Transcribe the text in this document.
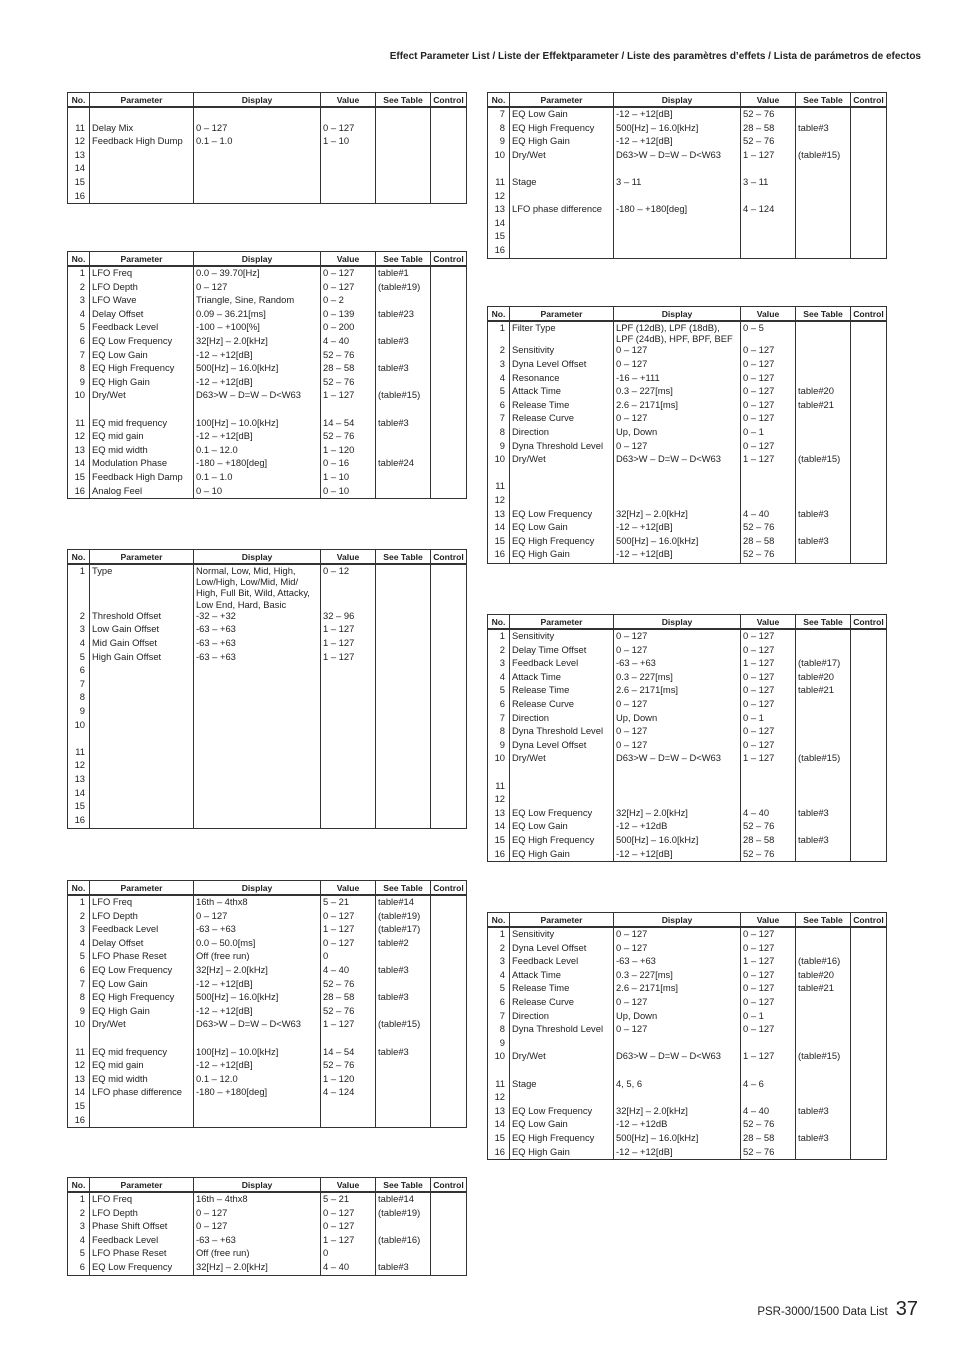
Effect Parameter List / Liste der Effektparameter / Liste des paramètres d’effets / Lista de parámetros de efectos
No.	Parameter	Display	Value	See Table	Control

11	Delay Mix	0 – 127	0 – 127		
12	Feedback High Dump	0.1 – 1.0	1 – 10		
13					
14					
15					
16					

No.	Parameter	Display	Value	See Table	Control
1	LFO Freq	0.0 – 39.70[Hz]	0 – 127	table#1	
2	LFO Depth	0 – 127	0 – 127	(table#19)	
3	LFO Wave	Triangle, Sine, Random	0 – 2		
4	Delay Offset	0.09 – 36.21[ms]	0 – 139	table#23	
5	Feedback Level	-100 – +100[%]	0 – 200		
6	EQ Low Frequency	32[Hz] – 2.0[kHz]	4 – 40	table#3	
7	EQ Low Gain	-12 – +12[dB]	52 – 76		
8	EQ High Frequency	500[Hz] – 16.0[kHz]	28 – 58	table#3	
9	EQ High Gain	-12 – +12[dB]	52 – 76		
10	Dry/Wet	D63>W – D=W – D<W63	1 – 127	(table#15)	

11	EQ mid frequency	100[Hz] – 10.0[kHz]	14 – 54	table#3	
12	EQ mid gain	-12 – +12[dB]	52 – 76		
13	EQ mid width	0.1 – 12.0	1 – 120		
14	Modulation Phase	-180 – +180[deg]	0 – 16	table#24	
15	Feedback High Damp	0.1 – 1.0	1 – 10		
16	Analog Feel	0 – 10	0 – 10		

No.	Parameter	Display	Value	See Table	Control
1	Type	Normal, Low, Mid, High, Low/High, Low/Mid, Mid/ High, Full Bit, Wild, Attacky, Low End, Hard, Basic	0 – 12		
2	Threshold Offset	-32 – +32	32 – 96		
3	Low Gain Offset	-63 – +63	1 – 127		
4	Mid Gain Offset	-63 – +63	1 – 127		
5	High Gain Offset	-63 – +63	1 – 127		
6					
7					
8					
9					
10					

11					
12					
13					
14					
15					
16					

No.	Parameter	Display	Value	See Table	Control
1	LFO Freq	16th – 4thx8	5 – 21	table#14	
2	LFO Depth	0 – 127	0 – 127	(table#19)	
3	Feedback Level	-63 – +63	1 – 127	(table#17)	
4	Delay Offset	0.0 – 50.0[ms]	0 – 127	table#2	
5	LFO Phase Reset	Off (free run)	0		
6	EQ Low Frequency	32[Hz] – 2.0[kHz]	4 – 40	table#3	
7	EQ Low Gain	-12 – +12[dB]	52 – 76		
8	EQ High Frequency	500[Hz] – 16.0[kHz]	28 – 58	table#3	
9	EQ High Gain	-12 – +12[dB]	52 – 76		
10	Dry/Wet	D63>W – D=W – D<W63	1 – 127	(table#15)	

11	EQ mid frequency	100[Hz] – 10.0[kHz]	14 – 54	table#3	
12	EQ mid gain	-12 – +12[dB]	52 – 76		
13	EQ mid width	0.1 – 12.0	1 – 120		
14	LFO phase difference	-180 – +180[deg]	4 – 124		
15					
16					

No.	Parameter	Display	Value	See Table	Control
1	LFO Freq	16th – 4thx8	5 – 21	table#14	
2	LFO Depth	0 – 127	0 – 127	(table#19)	
3	Phase Shift Offset	0 – 127	0 – 127		
4	Feedback Level	-63 – +63	1 – 127	(table#16)	
5	LFO Phase Reset	Off (free run)	0		
6	EQ Low Frequency	32[Hz] – 2.0[kHz]	4 – 40	table#3	

No.	Parameter	Display	Value	See Table	Control
7	EQ Low Gain	-12 – +12[dB]	52 – 76		
8	EQ High Frequency	500[Hz] – 16.0[kHz]	28 – 58	table#3	
9	EQ High Gain	-12 – +12[dB]	52 – 76		
10	Dry/Wet	D63>W – D=W – D<W63	1 – 127	(table#15)	

11	Stage	3 – 11	3 – 11		
12					
13	LFO phase difference	-180 – +180[deg]	4 – 124		
14					
15					
16					

No.	Parameter	Display	Value	See Table	Control
1	Filter Type	LPF (12dB), LPF (18dB), LPF (24dB), HPF, BPF, BEF	0 – 5		
2	Sensitivity	0 – 127	0 – 127		
3	Dyna Level Offset	0 – 127	0 – 127		
4	Resonance	-16 – +111	0 – 127		
5	Attack Time	0.3 – 227[ms]	0 – 127	table#20	
6	Release Time	2.6 – 2171[ms]	0 – 127	table#21	
7	Release Curve	0 – 127	0 – 127		
8	Direction	Up, Down	0 – 1		
9	Dyna Threshold Level	0 – 127	0 – 127		
10	Dry/Wet	D63>W – D=W – D<W63	1 – 127	(table#15)	

11					
12					
13	EQ Low Frequency	32[Hz] – 2.0[kHz]	4 – 40	table#3	
14	EQ Low Gain	-12 – +12[dB]	52 – 76		
15	EQ High Frequency	500[Hz] – 16.0[kHz]	28 – 58	table#3	
16	EQ High Gain	-12 – +12[dB]	52 – 76		

No.	Parameter	Display	Value	See Table	Control
1	Sensitivity	0 – 127	0 – 127		
2	Delay Time Offset	0 – 127	0 – 127		
3	Feedback Level	-63 – +63	1 – 127	(table#17)	
4	Attack Time	0.3 – 227[ms]	0 – 127	table#20	
5	Release Time	2.6 – 2171[ms]	0 – 127	table#21	
6	Release Curve	0 – 127	0 – 127		
7	Direction	Up, Down	0 – 1		
8	Dyna Threshold Level	0 – 127	0 – 127		
9	Dyna Level Offset	0 – 127	0 – 127		
10	Dry/Wet	D63>W – D=W – D<W63	1 – 127	(table#15)	

11					
12					
13	EQ Low Frequency	32[Hz] – 2.0[kHz]	4 – 40	table#3	
14	EQ Low Gain	-12 – +12dB	52 – 76		
15	EQ High Frequency	500[Hz] – 16.0[kHz]	28 – 58	table#3	
16	EQ High Gain	-12 – +12[dB]	52 – 76		

No.	Parameter	Display	Value	See Table	Control
1	Sensitivity	0 – 127	0 – 127		
2	Dyna Level Offset	0 – 127	0 – 127		
3	Feedback Level	-63 – +63	1 – 127	(table#16)	
4	Attack Time	0.3 – 227[ms]	0 – 127	table#20	
5	Release Time	2.6 – 2171[ms]	0 – 127	table#21	
6	Release Curve	0 – 127	0 – 127		
7	Direction	Up, Down	0 – 1		
8	Dyna Threshold Level	0 – 127	0 – 127		
9					
10	Dry/Wet	D63>W – D=W – D<W63	1 – 127	(table#15)	

11	Stage	4, 5, 6	4 – 6		
12					
13	EQ Low Frequency	32[Hz] – 2.0[kHz]	4 – 40	table#3	
14	EQ Low Gain	-12 – +12dB	52 – 76		
15	EQ High Frequency	500[Hz] – 16.0[kHz]	28 – 58	table#3	
16	EQ High Gain	-12 – +12[dB]	52 – 76		

PSR-3000/1500 Data List 37
